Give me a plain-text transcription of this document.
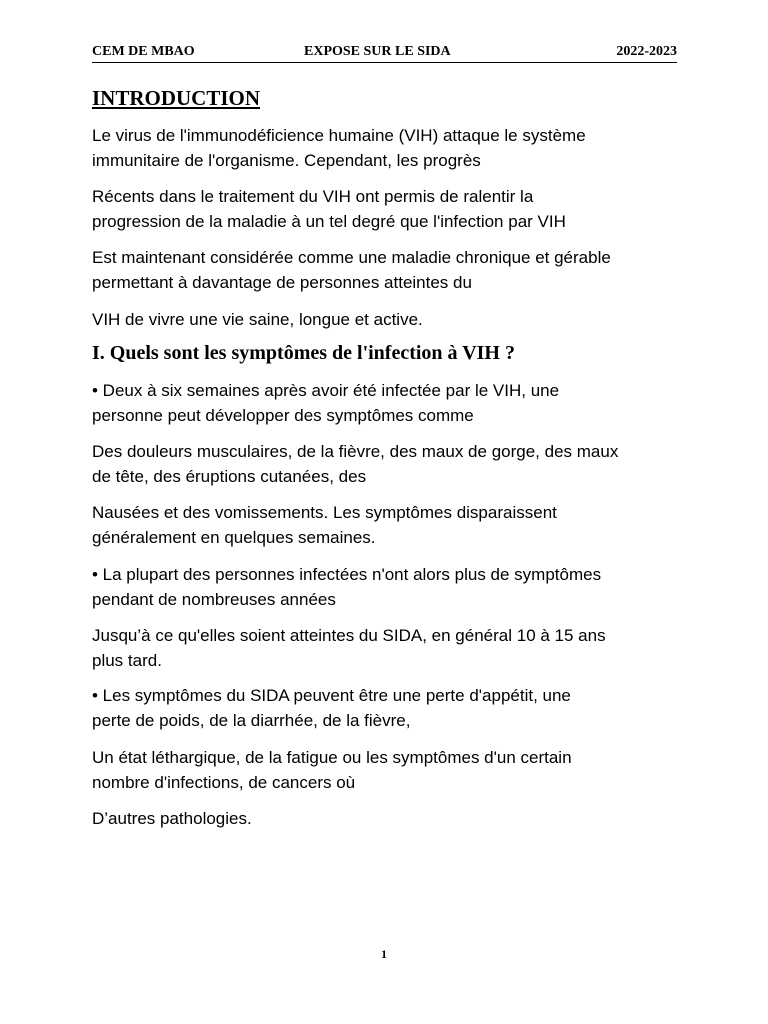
CEM DE MBAO	EXPOSE SUR LE SIDA	2022-2023
INTRODUCTION

Le virus de l'immunodéficience humaine (VIH) attaque le système
immunitaire de l'organisme. Cependant, les progrès

Récents dans le traitement du VIH ont permis de ralentir la
progression de la maladie à un tel degré que l'infection par VIH

Est maintenant considérée comme une maladie chronique et gérable
permettant à davantage de personnes atteintes du

VIH de vivre une vie saine, longue et active.

I. Quels sont les symptômes de l'infection à VIH ?

• Deux à six semaines après avoir été infectée par le VIH, une
personne peut développer des symptômes comme

Des douleurs musculaires, de la fièvre, des maux de gorge, des maux
de tête, des éruptions cutanées, des

Nausées et des vomissements. Les symptômes disparaissent
généralement en quelques semaines.

• La plupart des personnes infectées n'ont alors plus de symptômes
pendant de nombreuses années

Jusqu’à ce qu'elles soient atteintes du SIDA, en général 10 à 15 ans
plus tard.

• Les symptômes du SIDA peuvent être une perte d'appétit, une
perte de poids, de la diarrhée, de la fièvre,

Un état léthargique, de la fatigue ou les symptômes d'un certain
nombre d'infections, de cancers où

D’autres pathologies.

1
